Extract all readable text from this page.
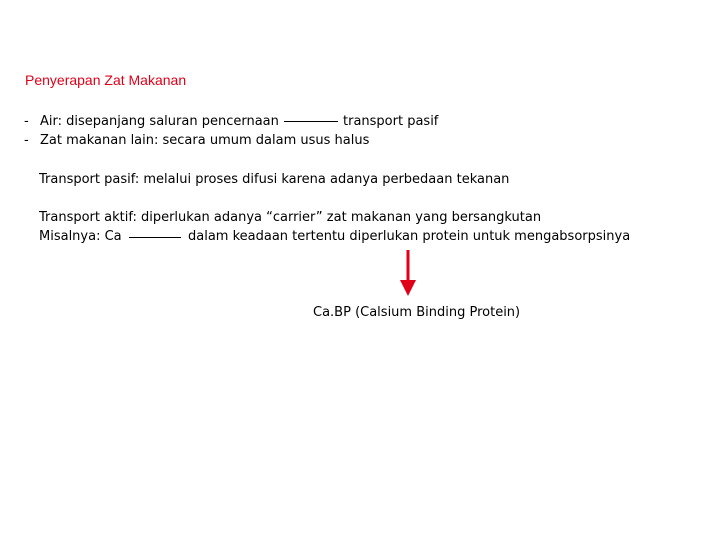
Penyerapan Zat Makanan
- Air: disepanjang saluran pencernaan	transport pasif
- Zat makanan lain: secara umum dalam usus halus
Transport pasif: melalui proses difusi karena adanya perbedaan tekanan
Transport aktif: diperlukan adanya “carrier” zat makanan yang bersangkutan
Misalnya: Ca	dalam keadaan tertentu diperlukan protein untuk mengabsorpsinya
Ca.BP (Calsium Binding Protein)
